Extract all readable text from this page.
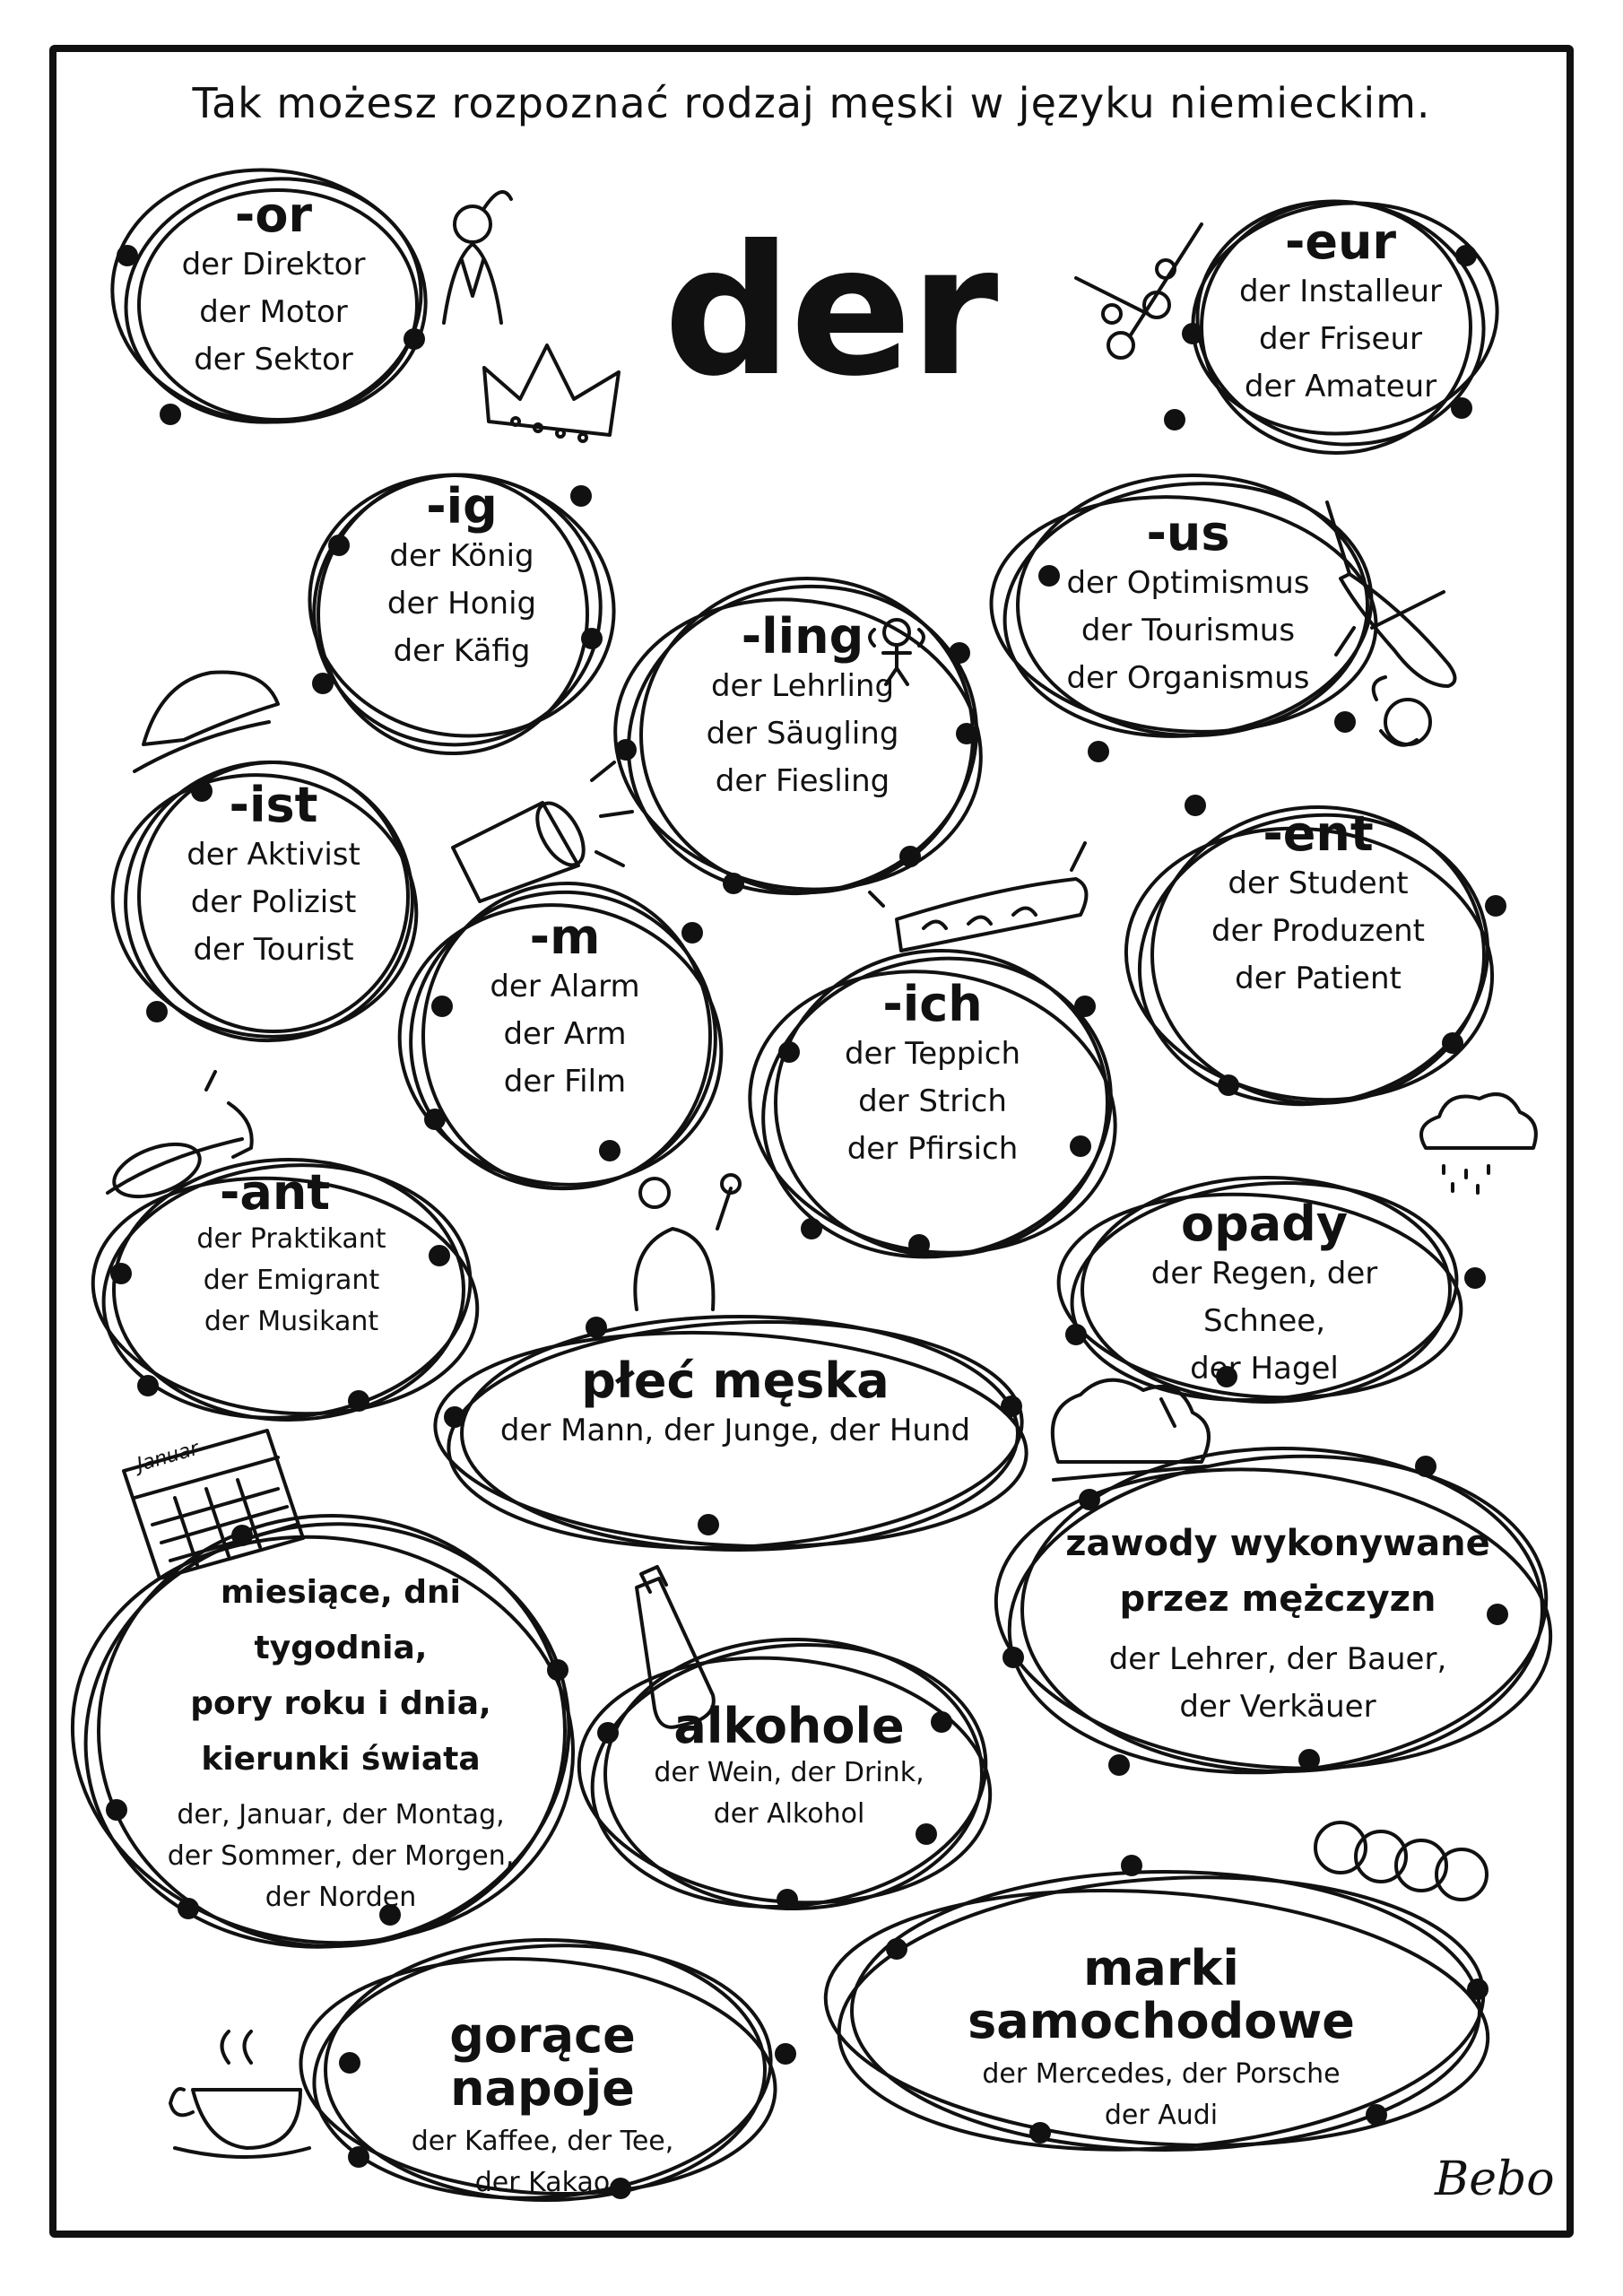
Tak możesz rozpoznać rodzaj męski w języku niemieckim.
der
-or
der Direktor
der Motor
der Sektor
-eur
der Installeur
der Friseur
der Amateur
-ig
der König
der Honig
der Käfig
-us
der Optimismus
der Tourismus
der Organismus
-ling
der Lehrling
der Säugling
der Fiesling
-ist
der Aktivist
der Polizist
der Tourist
-ent
der Student
der Produzent
der Patient
-m
der Alarm
der Arm
der Film
-ich
der Teppich
der Strich
der Pfirsich
-ant
der Praktikant
der Emigrant
der Musikant
opady
der Regen, der Schnee,
der Hagel
płeć męska
der Mann, der Junge, der Hund
zawody wykonywane
przez mężczyzn
der Lehrer, der Bauer,
der Verkäuer
miesiące, dni tygodnia,
pory roku i dnia,
kierunki świata
der, Januar, der Montag,
der Sommer, der Morgen,
der Norden
alkohole
der Wein, der Drink,
der Alkohol
marki samochodowe
der Mercedes, der Porsche
der Audi
gorące napoje
der Kaffee, der Tee,
der Kakao
Januar
Bebo
